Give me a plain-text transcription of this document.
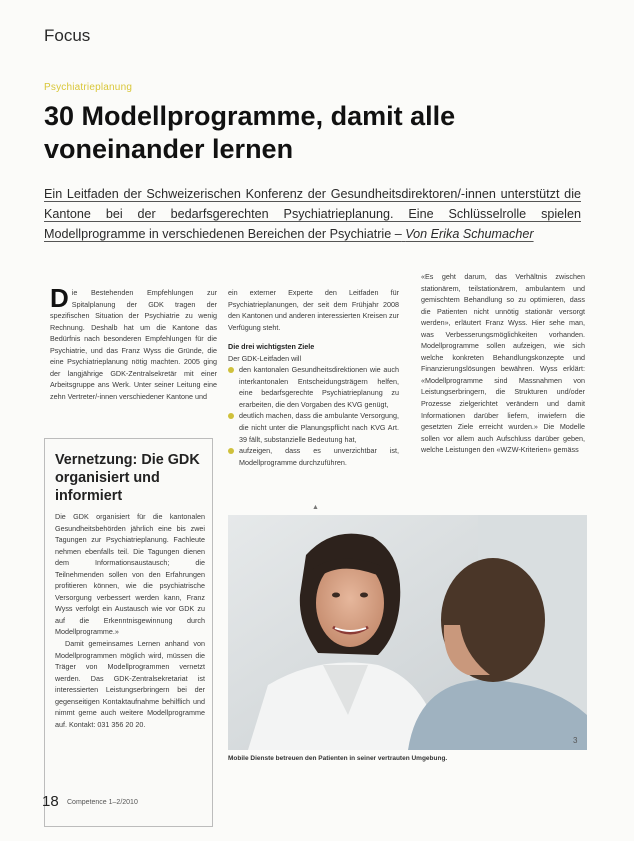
Focus
Psychiatrieplanung
30 Modellprogramme, damit alle voneinander lernen
Ein Leitfaden der Schweizerischen Konferenz der Gesundheitsdirektoren/-innen unterstützt die Kantone bei der bedarfsgerechten Psychiatrieplanung. Eine Schlüsselrolle spielen Modellprogramme in verschiedenen Bereichen der Psychiatrie – Von Erika Schumacher

Die Bestehenden Empfehlungen zur Spitalplanung der GDK tragen der spezifischen Situation der Psychiatrie zu wenig Rechnung. Deshalb hat um die Kantone das Bedürfnis nach besonderen Empfehlungen für die Psychiatrie, und das Franz Wyss die Gründe, die eine Psychiatrieplanung nötig machten. 2005 ging der langjährige GDK-Zentralsekretär mit einer Arbeitsgruppe ans Werk. Unter seiner Leitung eine zehn Vertreter/-innen verschiedener Kantone und

ein externer Experte den Leitfaden für Psychiatrieplanungen, der seit dem Frühjahr 2008 den Kantonen und anderen interessierten Kreisen zur Verfügung steht.

Die drei wichtigsten Ziele

Der GDK-Leitfaden will

den kantonalen Gesundheitsdirektionen wie auch interkantonalen Entscheidungsträgern helfen, eine bedarfsgerechte Psychiatrieplanung zu erarbeiten, die den Vorgaben des KVG genügt,
deutlich machen, dass die ambulante Versorgung, die nicht unter die Planungspflicht nach KVG Art. 39 fällt, substanzielle Bedeutung hat,
aufzeigen, dass es unverzichtbar ist, Modellprogramme durchzuführen.
▲

«Es geht darum, das Verhältnis zwischen stationärem, teilstationärem, ambulantem und gemischtem Behandlung so zu optimieren, dass die Patienten nicht unnötig stationär versorgt werden», erläutert Franz Wyss. Hier sehe man, was Verbesserungsmöglichkeiten vorhanden. Modellprogramme sollen aufzeigen, wie sich welche konkreten Behandlungskonzepte und Finanzierungslösungen bewähren. Wyss erklärt: «Modellprogramme sind Massnahmen von Leistungserbringern, die Strukturen und/oder Prozesse zielgerichtet verändern und damit Informationen darüber liefern, inwiefern die gesetzten Ziele erreicht wurden.» Die Modelle sollen vor allem auch Aufschluss darüber geben, welche Leistungen den «WZW-Kriterien» gemäss

Vernetzung: Die GDK organisiert und informiert

Die GDK organisiert für die kantonalen Gesundheitsbehörden jährlich eine bis zwei Tagungen zur Psychiatrieplanung. Fachleute nehmen ebenfalls teil. Die Tagungen dienen dem Informationsaustausch; die Teilnehmenden sollen von den Erfahrungen profitieren können, wie die psychiatrische Versorgung verbessert werden kann, Franz Wyss verfolgt ein Austausch wie vor GDK zu auf die Erkenntnisgewinnung durch Modellprogramme.»

Damit gemeinsames Lernen anhand von Modellprogrammen möglich wird, müssen die Träger von Modellprogrammen vernetzt werden. Das GDK-Zentralsekretariat ist interessierten Leistungserbringern bei der gegenseitigen Kontaktaufnahme behilflich und nimmt gerne auch weitere Modellprogramme auf. Kontakt: 031 356 20 20.

3
Mobile Dienste betreuen den Patienten in seiner vertrauten Umgebung.
18 Competence 1–2/2010
